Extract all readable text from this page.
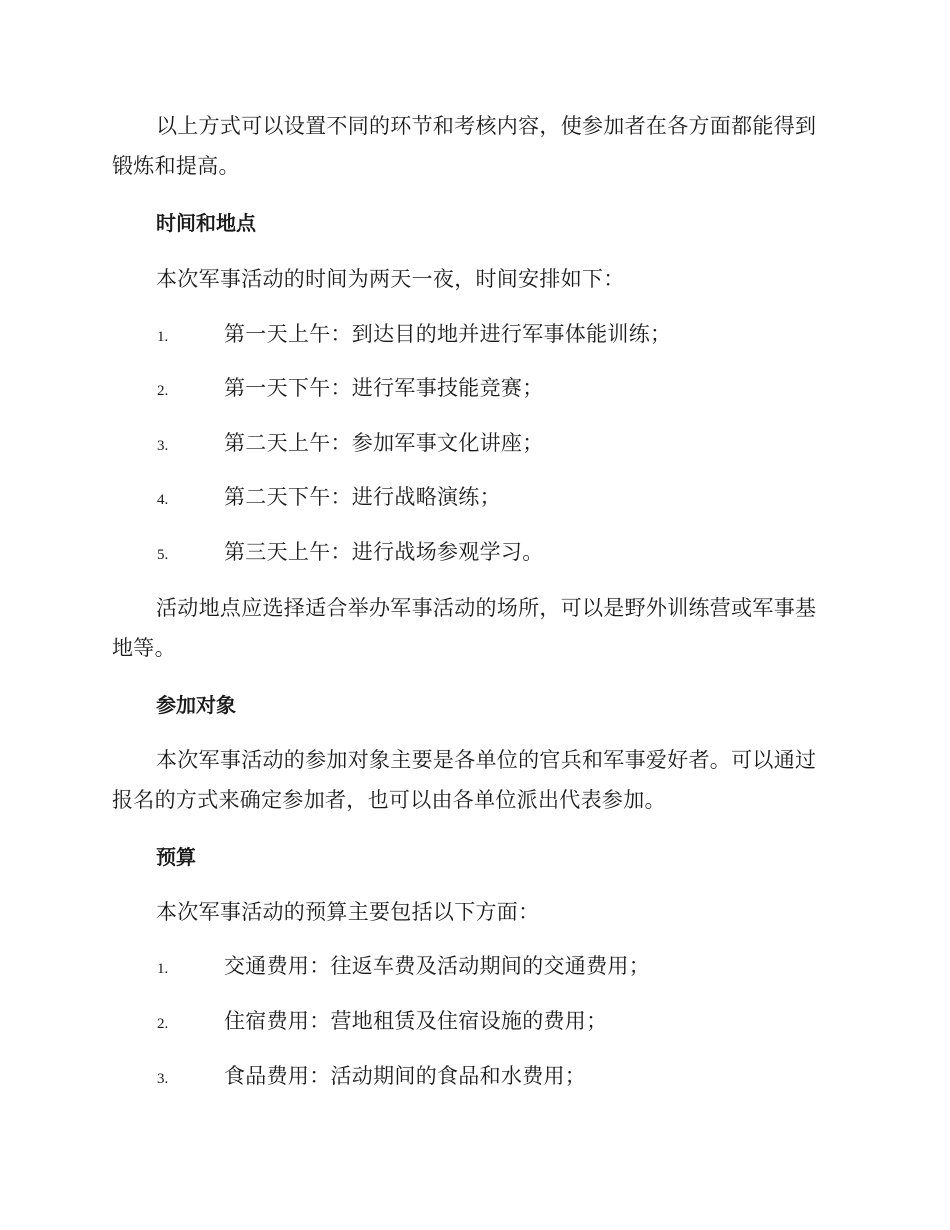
以上方式可以设置不同的环节和考核内容，使参加者在各方面都能得到锻炼和提高。

时间和地点

本次军事活动的时间为两天一夜，时间安排如下：

1.	第一天上午：到达目的地并进行军事体能训练；
2.	第一天下午：进行军事技能竞赛；
3.	第二天上午：参加军事文化讲座；
4.	第二天下午：进行战略演练；
5.	第三天上午：进行战场参观学习。

活动地点应选择适合举办军事活动的场所，可以是野外训练营或军事基地等。

参加对象

本次军事活动的参加对象主要是各单位的官兵和军事爱好者。可以通过报名的方式来确定参加者，也可以由各单位派出代表参加。

预算

本次军事活动的预算主要包括以下方面：

1.	交通费用：往返车费及活动期间的交通费用；
2.	住宿费用：营地租赁及住宿设施的费用；
3.	食品费用：活动期间的食品和水费用；
